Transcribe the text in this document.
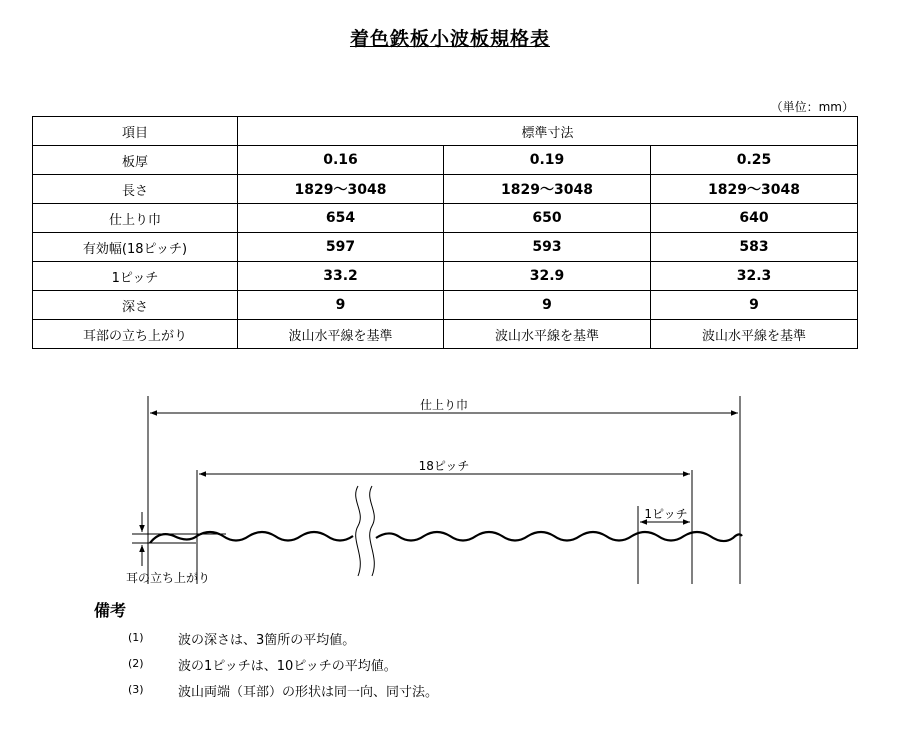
着色鉄板小波板規格表
（単位：mm）
項目	標準寸法		
板厚	0.16	0.19	0.25
長さ	1829～3048	1829～3048	1829～3048
仕上り巾	654	650	640
有効幅(18ピッチ)	597	593	583
1ピッチ	33.2	32.9	32.3
深さ	9	9	9
耳部の立ち上がり	波山水平線を基準	波山水平線を基準	波山水平線を基準
仕上り巾
18ピッチ
1ピッチ
耳の立ち上がり
備考
(1)	波の深さは、3箇所の平均値。
(2)	波の1ピッチは、10ピッチの平均値。
(3)	波山両端（耳部）の形状は同一向、同寸法。
